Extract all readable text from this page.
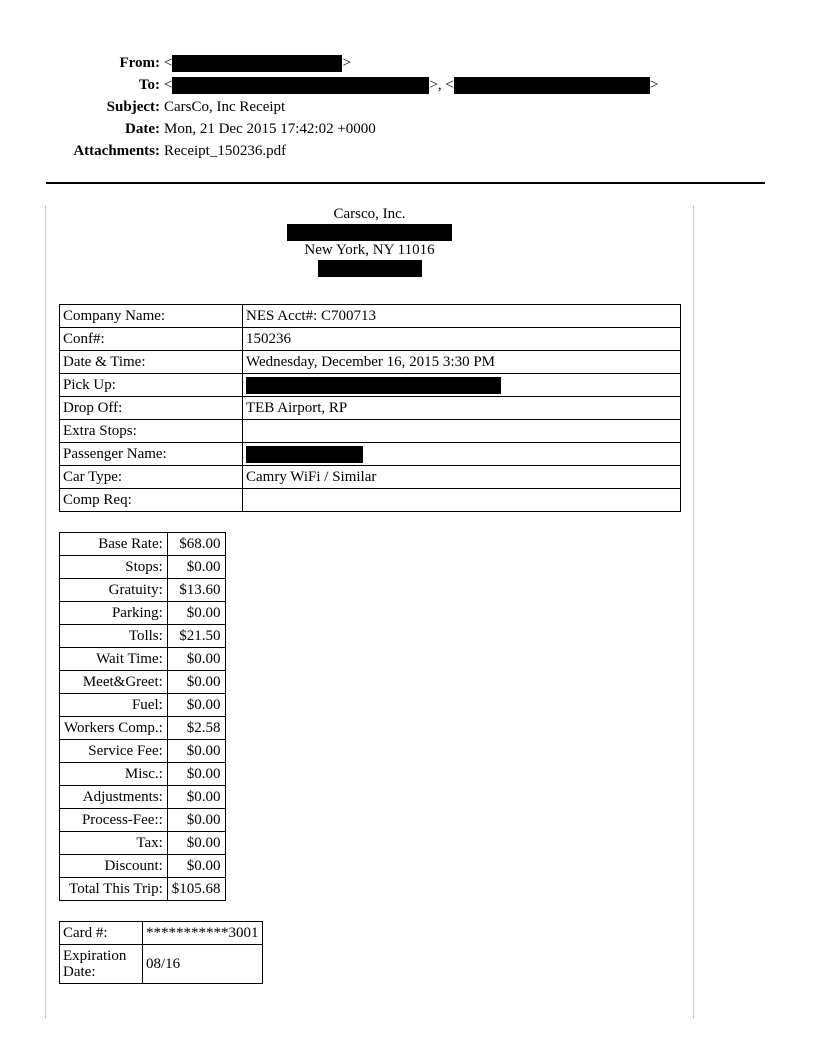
From: <	>
To: <	>, <	>
Subject: CarsCo, Inc Receipt
Date: Mon, 21 Dec 2015 17:42:02 +0000
Attachments: Receipt_150236.pdf
Carsco, Inc.
New York, NY 11016
Company Name:	NES Acct#: C700713
Conf#:	150236
Date & Time:	Wednesday, December 16, 2015 3:30 PM
Pick Up:	
Drop Off:	TEB Airport, RP
Extra Stops:	
Passenger Name:	
Car Type:	Camry WiFi / Similar
Comp Req:	
Base Rate:	$68.00
Stops:	$0.00
Gratuity:	$13.60
Parking:	$0.00
Tolls:	$21.50
Wait Time:	$0.00
Meet&Greet:	$0.00
Fuel:	$0.00
Workers Comp.:	$2.58
Service Fee:	$0.00
Misc.:	$0.00
Adjustments:	$0.00
Process-Fee::	$0.00
Tax:	$0.00
Discount:	$0.00
Total This Trip:	$105.68
Card #:	***********3001
Expiration Date:	08/16
